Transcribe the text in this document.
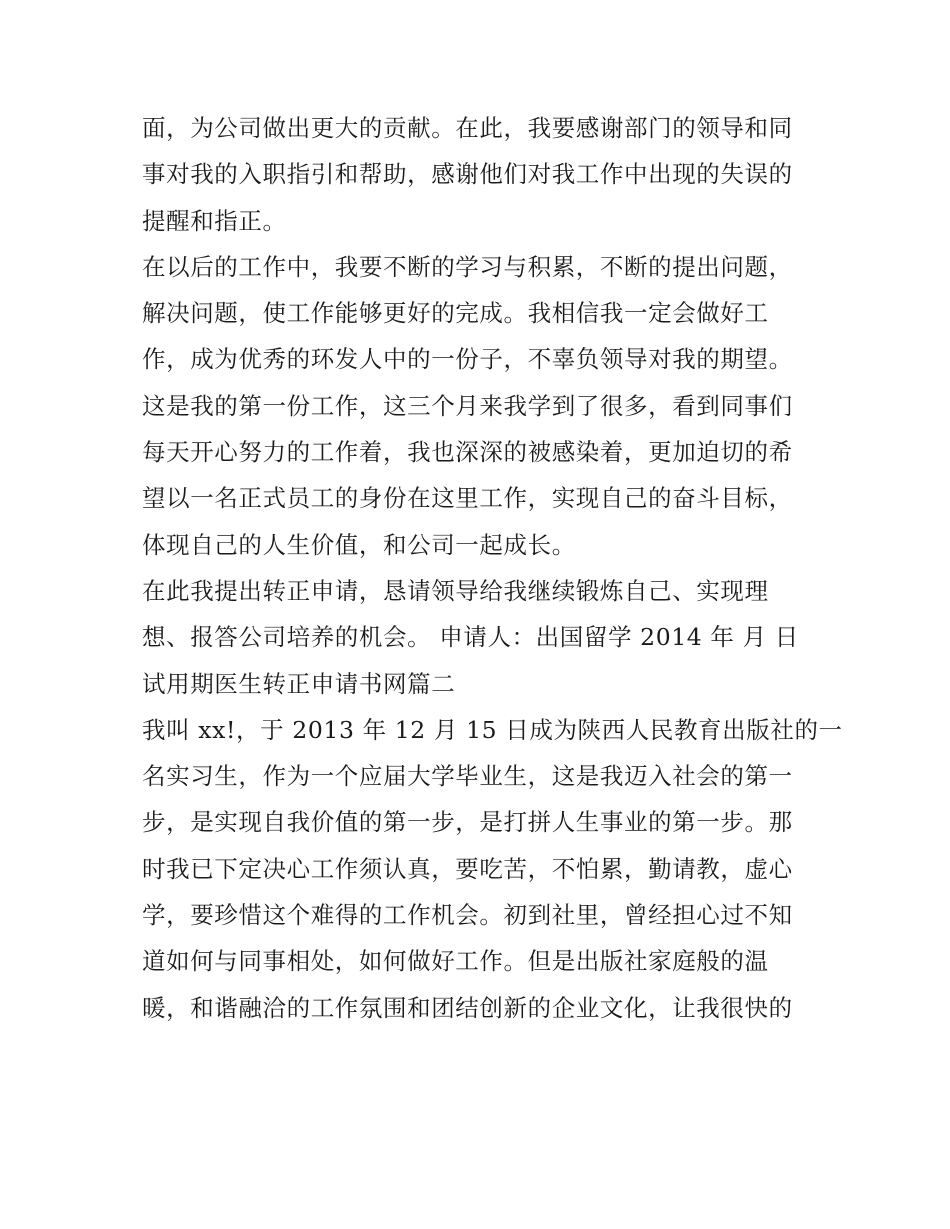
面，为公司做出更大的贡献。在此，我要感谢部门的领导和同
事对我的入职指引和帮助，感谢他们对我工作中出现的失误的
提醒和指正。
在以后的工作中，我要不断的学习与积累，不断的提出问题，
解决问题，使工作能够更好的完成。我相信我一定会做好工
作，成为优秀的环发人中的一份子，不辜负领导对我的期望。
这是我的第一份工作，这三个月来我学到了很多，看到同事们
每天开心努力的工作着，我也深深的被感染着，更加迫切的希
望以一名正式员工的身份在这里工作，实现自己的奋斗目标，
体现自己的人生价值，和公司一起成长。
在此我提出转正申请，恳请领导给我继续锻炼自己、实现理
想、报答公司培养的机会。 申请人：出国留学 2014 年 月 日
试用期医生转正申请书网篇二
我叫 xx!，于 2013 年 12 月 15 日成为陕西人民教育出版社的一
名实习生，作为一个应届大学毕业生，这是我迈入社会的第一
步，是实现自我价值的第一步，是打拼人生事业的第一步。那
时我已下定决心工作须认真，要吃苦，不怕累，勤请教，虚心
学，要珍惜这个难得的工作机会。初到社里，曾经担心过不知
道如何与同事相处，如何做好工作。但是出版社家庭般的温
暖，和谐融洽的工作氛围和团结创新的企业文化，让我很快的
